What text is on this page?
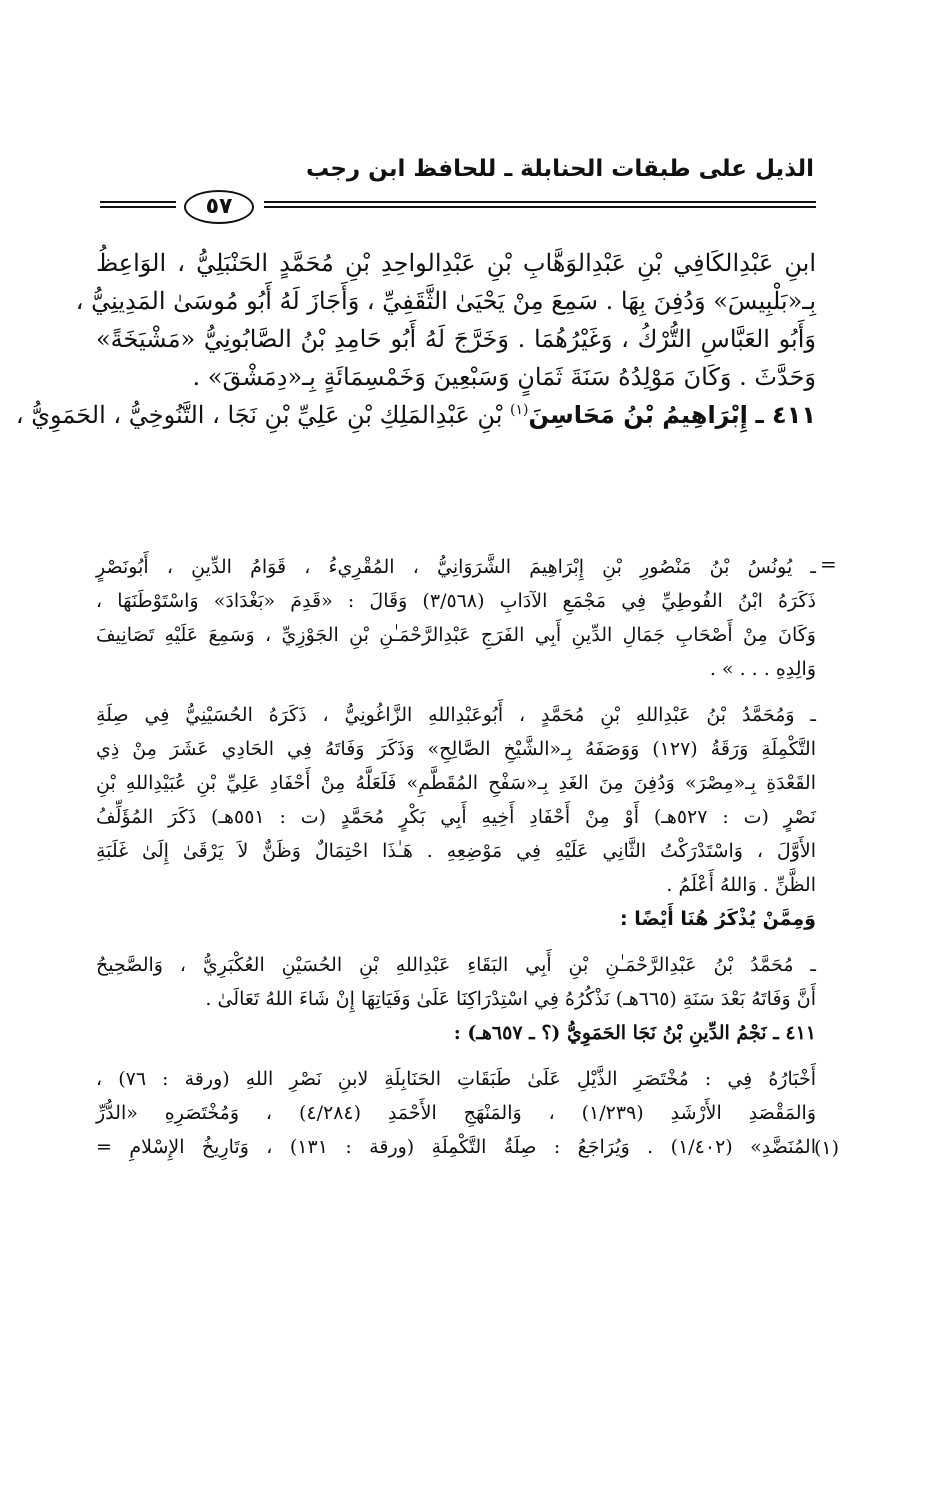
الذيل على طبقات الحنابلة ـ للحافظ ابن رجب
٥٧
ابنِ عَبْدِالكَافِي بْنِ عَبْدِالوَهَّابِ بْنِ عَبْدِالواحِدِ بْنِ مُحَمَّدٍ الحَنْبَلِيُّ ، الوَاعِظُ
بِـ«بَلْبِيسَ» وَدُفِنَ بِهَا . سَمِعَ مِنْ يَحْيَىٰ الثَّقَفِيِّ ، وَأَجَازَ لَهُ أَبُو مُوسَىٰ المَدِينِيُّ ،
وَأَبُو العَبَّاسِ التُّرْكُ ، وَغَيْرُهُمَا . وَخَرَّجَ لَهُ أَبُو حَامِدِ بْنُ الصَّابُونِيُّ «مَشْيَخَةً»
وَحَدَّثَ . وَكَانَ مَوْلِدُهُ سَنَةَ ثَمَانٍ وَسَبْعِينَ وَخَمْسِمَائَةٍ بِـ«دِمَشْقَ» .
٤١١ ـ إِبْرَاهِيمُ بْنُ مَحَاسِنَ$^{(١)}$ بْنِ عَبْدِالمَلِكِ بْنِ عَلِيِّ بْنِ نَجَا ، التَّنُوخِيُّ ، الحَمَوِيُّ ،
=
ـ يُونُسُ بْنُ مَنْصُورِ بْنِ إِبْرَاهِيمَ الشَّرَوَانِيُّ ، المُقْرِيءُ ، قَوَامُ الدِّينِ ، أَبُونَصْرٍ
ذَكَرَهُ ابْنُ الفُوطِيِّ فِي مَجْمَعِ الآدَابِ (٣/٥٦٨) وَقَالَ : «قَدِمَ «بَغْدَادَ» وَاسْتَوْطَنَهَا ،
وَكَانَ مِنْ أَصْحَابِ جَمَالِ الدِّينِ أَبِي الفَرَجِ عَبْدِالرَّحْمَـٰنِ بْنِ الجَوْزِيِّ ، وَسَمِعَ عَلَيْهِ تَصَانِيفَ
وَالِدِهِ . . . » .
ـ وَمُحَمَّدُ بْنُ عَبْدِاللهِ بْنِ مُحَمَّدٍ ، أَبُوعَبْدِاللهِ الزَّاغُونِيُّ ، ذَكَرَهُ الحُسَيْنِيُّ فِي صِلَةِ
التَّكْمِلَةِ وَرَقَةُ (١٢٧) وَوَصَفَهُ بِـ«الشَّيْخِ الصَّالِحِ» وَذَكَرَ وَفَاتَهُ فِي الحَادِي عَشَرَ مِنْ ذِي
القَعْدَةِ بِـ«مِصْرَ» وَدُفِنَ مِنَ الغَدِ بِـ«سَفْحِ المُقَطَّمِ» فَلَعَلَّهُ مِنْ أَحْفَادِ عَلِيِّ بْنِ عُبَيْدِاللهِ بْنِ
نَصْرٍ (ت : ٥٢٧هـ) أَوْ مِنْ أَحْفَادِ أَخِيهِ أَبِي بَكْرٍ مُحَمَّدٍ (ت : ٥٥١هـ) ذَكَرَ المُؤَلِّفُ
الأَوَّلَ ، وَاسْتَدْرَكْتُ الثَّانِي عَلَيْهِ فِي مَوْضِعِهِ . هَـٰذَا احْتِمَالٌ وَظَنٌّ لاَ يَرْقَىٰ إِلَىٰ غَلَبَةِ
الظَّنِّ . وَاللهُ أَعْلَمُ .
وَمِمَّنْ يُذْكَرُ هُنَا أَيْضًا :
ـ مُحَمَّدُ بْنُ عَبْدِالرَّحْمَـٰنِ بْنِ أَبِي البَقَاءِ عَبْدِاللهِ بْنِ الحُسَيْنِ العُكْبَرِيُّ ، وَالصَّحِيحُ
أَنَّ وَفَاتَهُ بَعْدَ سَنَةِ (٦٦٥هـ) نَذْكُرُهُ فِي اسْتِدْرَاكِنَا عَلَىٰ وَفَيَاتِهَا إِنْ شَاءَ اللهُ تَعَالَىٰ .
٤١١ ـ نَجْمُ الدِّينِ بْنُ نَجَا الحَمَوِيُّ (؟ ـ ٦٥٧هـ) :
أَخْبَارُهُ فِي : مُخْتَصَرِ الذَّيْلِ عَلَىٰ طَبَقَاتِ الحَنَابِلَةِ لابنِ نَصْرِ اللهِ (ورقة : ٧٦) ،
وَالمَقْصَدِ الأَرْشَدِ (١/٢٣٩) ، وَالمَنْهَجِ الأَحْمَدِ (٤/٢٨٤) ، وَمُخْتَصَرِهِ «الدُّرِّ
المُنَضَّدِ» (١/٤٠٢) . وَيُرَاجَعُ : صِلَةُ التَّكْمِلَةِ (ورقة : ١٣١) ، وَتَارِيخُ الإِسْلامِ =
(١)
